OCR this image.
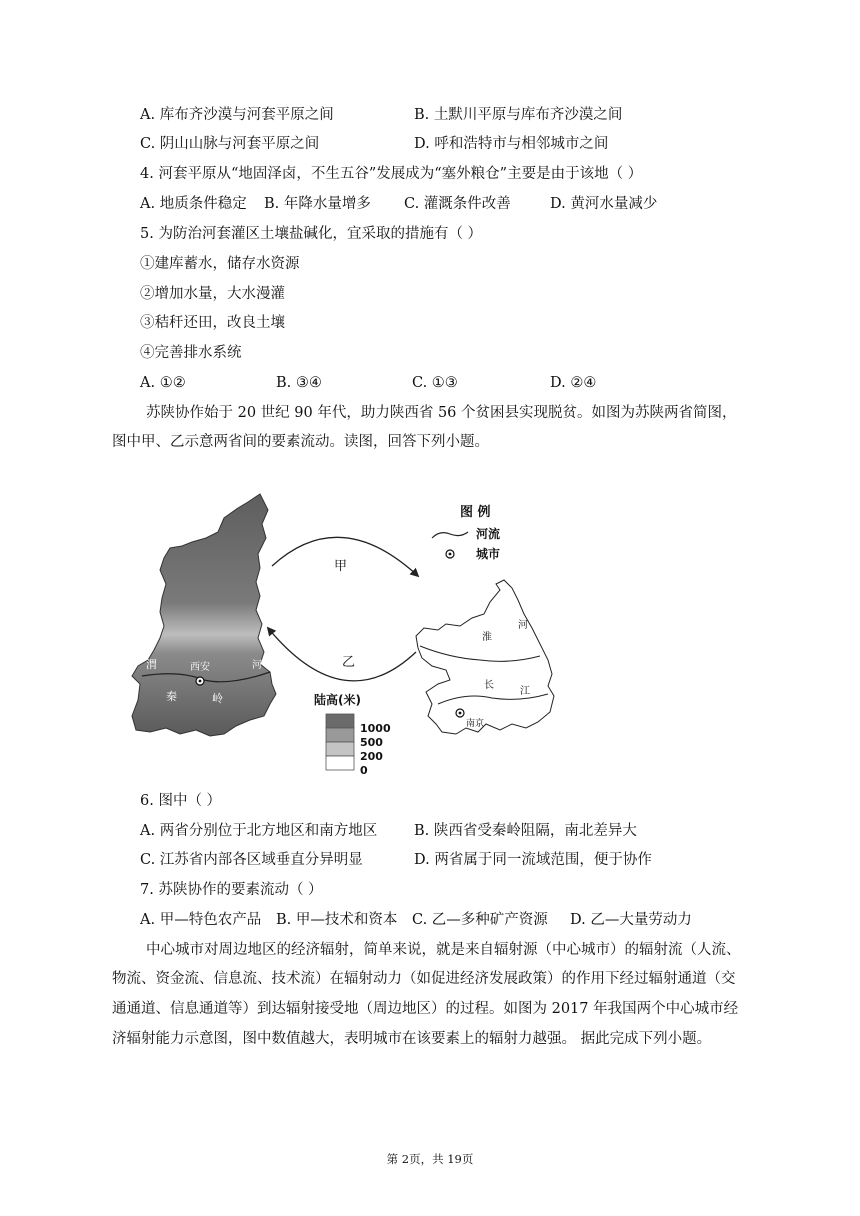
A. 库布齐沙漠与河套平原之间	B. 土默川平原与库布齐沙漠之间
C. 阴山山脉与河套平原之间	D. 呼和浩特市与相邻城市之间
4. 河套平原从“地固泽卤，不生五谷”发展成为“塞外粮仓”主要是由于该地（ ）
A. 地质条件稳定 B. 年降水量增多 C. 灌溉条件改善	D. 黄河水量减少
5. 为防治河套灌区土壤盐碱化，宜采取的措施有（ ）
①建库蓄水，储存水资源
②增加水量，大水漫灌
③秸秆还田，改良土壤
④完善排水系统
A. ①②	B. ③④	C. ①③	D. ②④
苏陕协作始于 20 世纪 90 年代，助力陕西省 56 个贫困县实现脱贫。如图为苏陕两省简图，
图中甲、乙示意两省间的要素流动。读图，回答下列小题。
渭	西安	河
秦	岭
甲
乙
图 例
河流
城市
陆高(米)
1000
500
200
0
淮
河
长
江
南京
6. 图中（ ）
A. 两省分别位于北方地区和南方地区	B. 陕西省受秦岭阻隔，南北差异大
C. 江苏省内部各区域垂直分异明显	D. 两省属于同一流域范围，便于协作
7. 苏陕协作的要素流动（ ）
A. 甲—特色农产品 B. 甲—技术和资本 C. 乙—多种矿产资源 D. 乙—大量劳动力
中心城市对周边地区的经济辐射，简单来说，就是来自辐射源（中心城市）的辐射流（人流、
物流、资金流、信息流、技术流）在辐射动力（如促进经济发展政策）的作用下经过辐射通道（交
通通道、信息通道等）到达辐射接受地（周边地区）的过程。如图为 2017 年我国两个中心城市经
济辐射能力示意图，图中数值越大，表明城市在该要素上的辐射力越强。 据此完成下列小题。
第 2页，共 19页
